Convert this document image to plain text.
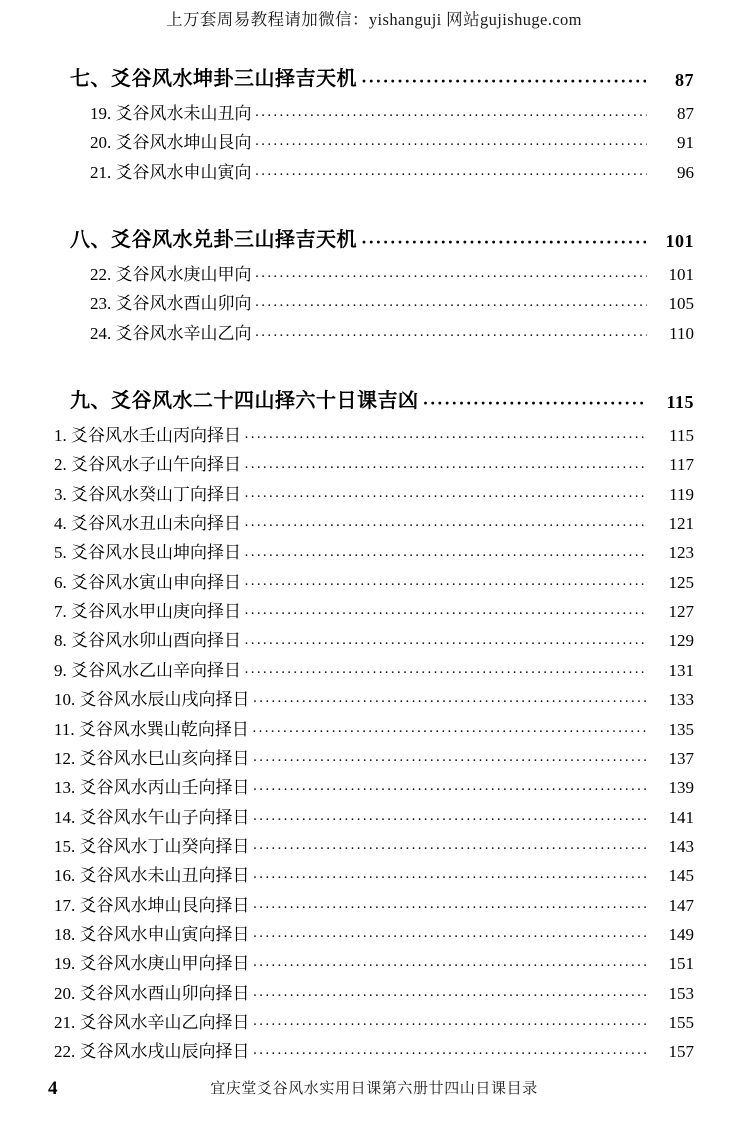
上万套周易教程请加微信：yishanguji 网站gujishuge.com
七、爻谷风水坤卦三山择吉天机 ·····	87
19. 爻谷风水未山丑向 ·····	87
20. 爻谷风水坤山艮向 ·····	91
21. 爻谷风水申山寅向 ·····	96
八、爻谷风水兑卦三山择吉天机 ·····	101
22. 爻谷风水庚山甲向 ·····	101
23. 爻谷风水酉山卯向 ·····	105
24. 爻谷风水辛山乙向 ·····	110
九、爻谷风水二十四山择六十日课吉凶 ·····	115
1. 爻谷风水壬山丙向择日 ·····	115
2. 爻谷风水子山午向择日 ·····	117
3. 爻谷风水癸山丁向择日 ·····	119
4. 爻谷风水丑山未向择日 ·····	121
5. 爻谷风水艮山坤向择日 ·····	123
6. 爻谷风水寅山申向择日 ·····	125
7. 爻谷风水甲山庚向择日 ·····	127
8. 爻谷风水卯山酉向择日 ·····	129
9. 爻谷风水乙山辛向择日 ·····	131
10. 爻谷风水辰山戌向择日 ·····	133
11. 爻谷风水巽山乾向择日 ·····	135
12. 爻谷风水巳山亥向择日 ·····	137
13. 爻谷风水丙山壬向择日 ·····	139
14. 爻谷风水午山子向择日 ·····	141
15. 爻谷风水丁山癸向择日 ·····	143
16. 爻谷风水未山丑向择日 ·····	145
17. 爻谷风水坤山艮向择日 ·····	147
18. 爻谷风水申山寅向择日 ·····	149
19. 爻谷风水庚山甲向择日 ·····	151
20. 爻谷风水酉山卯向择日 ·····	153
21. 爻谷风水辛山乙向择日 ·····	155
22. 爻谷风水戌山辰向择日 ·····	157
4	宜庆堂爻谷风水实用日课第六册廿四山日课目录
